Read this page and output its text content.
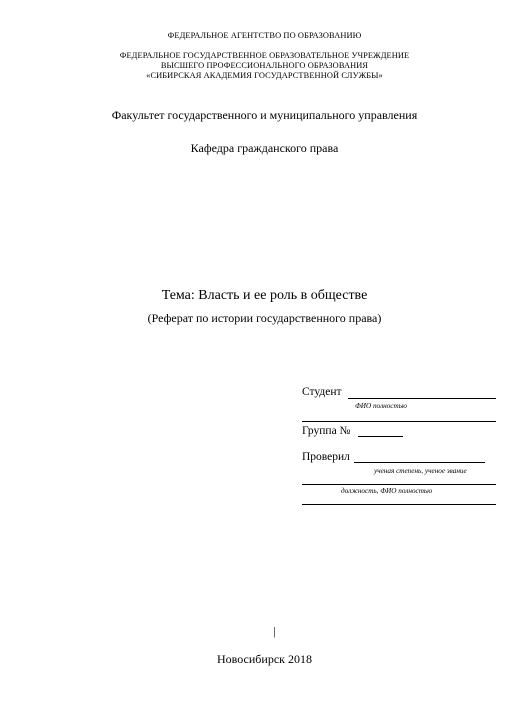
ФЕДЕРАЛЬНОЕ АГЕНТСТВО ПО ОБРАЗОВАНИЮ
ФЕДЕРАЛЬНОЕ ГОСУДАРСТВЕННОЕ ОБРАЗОВАТЕЛЬНОЕ УЧРЕЖДЕНИЕ
ВЫСШЕГО ПРОФЕССИОНАЛЬНОГО ОБРАЗОВАНИЯ
«СИБИРСКАЯ АКАДЕМИЯ ГОСУДАРСТВЕННОЙ СЛУЖБЫ»
Факультет государственного и муниципального управления
Кафедра гражданского права
Тема: Власть и ее роль в обществе
(Реферат по истории государственного права)
Студент
ФИО полностью
Группа №
Проверил
ученая степень, ученое звание
должность, ФИО полностью
|
Новосибирск 2018
